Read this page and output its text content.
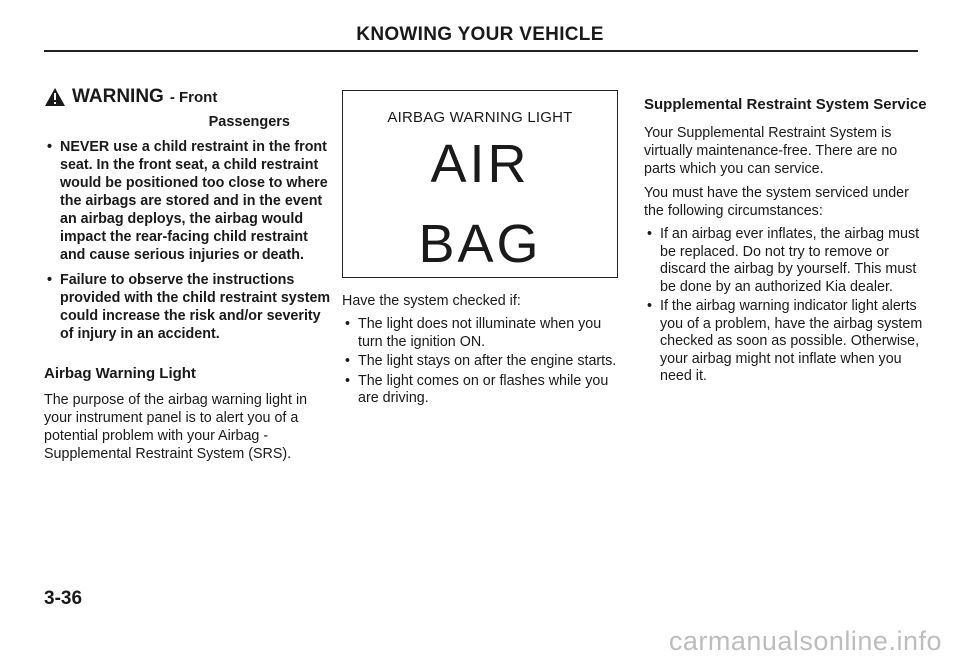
KNOWING YOUR VEHICLE
WARNING - Front
Passengers
• NEVER use a child restraint in the front seat. In the front seat, a child restraint would be positioned too close to where the airbags are stored and in the event an airbag deploys, the airbag would impact the rear-facing child restraint and cause serious injuries or death.
• Failure to observe the instructions provided with the child restraint system could increase the risk and/or severity of injury in an accident.
Airbag Warning Light
The purpose of the airbag warning light in your instrument panel is to alert you of a potential problem with your Airbag - Supplemental Restraint System (SRS).
AIRBAG WARNING LIGHT
AIR
BAG
Have the system checked if:
• The light does not illuminate when you turn the ignition ON.
• The light stays on after the engine starts.
• The light comes on or flashes while you are driving.
Supplemental Restraint System Service
Your Supplemental Restraint System is virtually maintenance-free. There are no parts which you can service.
You must have the system serviced under the following circumstances:
• If an airbag ever inflates, the airbag must be replaced. Do not try to remove or discard the airbag by yourself. This must be done by an authorized Kia dealer.
• If the airbag warning indicator light alerts you of a problem, have the airbag system checked as soon as possible. Otherwise, your airbag might not inflate when you need it.
3-36
carmanualsonline.info
